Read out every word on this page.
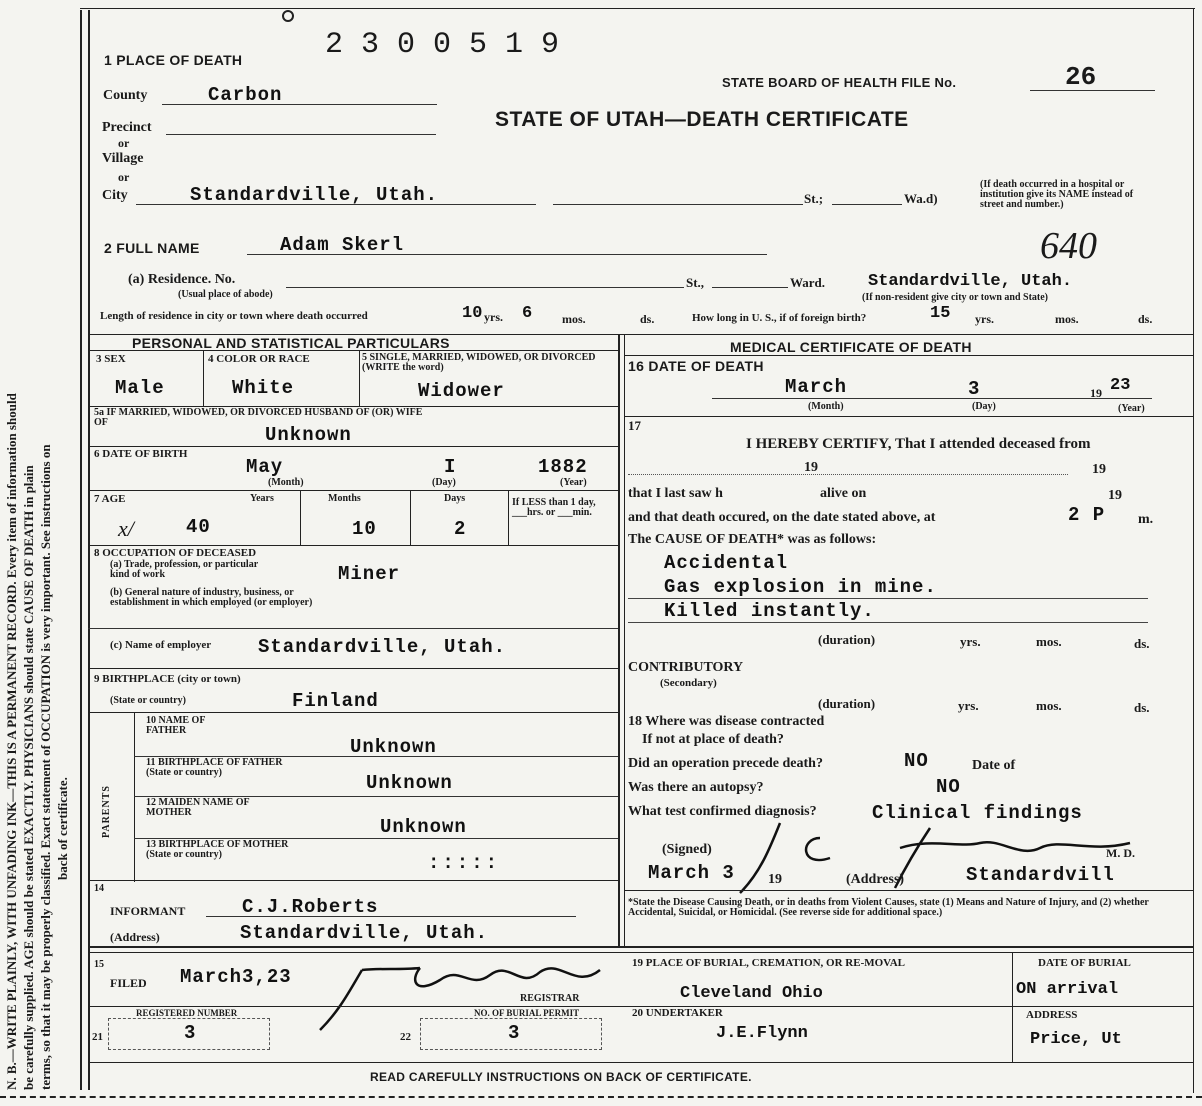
N. B.—WRITE PLAINLY, WITH UNFADING INK—THIS IS A PERMANENT RECORD. Every item of information should be carefully supplied. AGE should be stated EXACTLY. PHYSICIANS should state CAUSE OF DEATH in plain terms, so that it may be properly classified. Exact statement of OCCUPATION is very important. See instructions on back of certificate.
1 PLACE OF DEATH	2 3 0 0 5 1 9
STATE BOARD OF HEALTH FILE No.	26
STATE OF UTAH—DEATH CERTIFICATE
County	Carbon
Precinct
or
Village
or
City	Standardville, Utah.	St.;	Wa.d)
(If death occurred in a hospital or institution give its NAME instead of street and number.)
640
2 FULL NAME	Adam Skerl
(a) Residence. No.
(Usual place of abode)
St.,	Ward.	Standardville, Utah.
(If non-resident give city or town and State)
Length of residence in city or town where death occurred	10 yrs. 6 mos.	ds.	How long in U. S., if of foreign birth?	15 yrs.	mos.	ds.
PERSONAL AND STATISTICAL PARTICULARS	MEDICAL CERTIFICATE OF DEATH
3 SEX	4 COLOR OR RACE	5 SINGLE, MARRIED, WIDOWED, OR DIVORCED (WRITE the word)
Male	White	Widower
5a IF MARRIED, WIDOWED, OR DIVORCED HUSBAND OF (OR) WIFE OF
Unknown
6 DATE OF BIRTH
May	I	1882
(Month)	(Day)	(Year)
7 AGE	Years	Months	Days	If LESS than 1 day, ___hrs. or ___min.
x/	40	10	2
8 OCCUPATION OF DECEASED
(a) Trade, profession, or particular kind of work	Miner
(b) General nature of industry, business, or establishment in which employed (or employer)
(c) Name of employer Standardville, Utah.
9 BIRTHPLACE (city or town)
(State or country)	Finland
PARENTS
10 NAME OF FATHER
Unknown
11 BIRTHPLACE OF FATHER (State or country)	Unknown
12 MAIDEN NAME OF MOTHER
Unknown
13 BIRTHPLACE OF MOTHER (State or country)	:::::
14
INFORMANT	C.J.Roberts
(Address)	Standardville, Utah.
15
FILED March3,23
REGISTRAR
REGISTERED NUMBER
21	3	22
NO. OF BURIAL PERMIT
3
16 DATE OF DEATH
March	3	19 23
(Month)	(Day)	(Year)
17
I HEREBY CERTIFY, That I attended deceased from
19	19
that I last saw h	alive on	19
and that death occured, on the date stated above, at	2 P m.
The CAUSE OF DEATH* was as follows:
Accidental
Gas explosion in mine.
Killed instantly.
(duration)	yrs.	mos.	ds.
CONTRIBUTORY
(Secondary)
(duration)	yrs.	mos.	ds.
18 Where was disease contracted
If not at place of death?
Did an operation precede death?	NO	Date of
Was there an autopsy?	NO
What test confirmed diagnosis?	Clinical findings
(Signed)	M. D.
March 3 19	(Address)	Standardvill
*State the Disease Causing Death, or in deaths from Violent Causes, state (1) Means and Nature of Injury, and (2) whether Accidental, Suicidal, or Homicidal. (See reverse side for additional space.)
19 PLACE OF BURIAL, CREMATION, OR RE-MOVAL
Cleveland Ohio
DATE OF BURIAL
ON arrival
20 UNDERTAKER
J.E.Flynn
ADDRESS
Price, Ut
READ CAREFULLY INSTRUCTIONS ON BACK OF CERTIFICATE.
